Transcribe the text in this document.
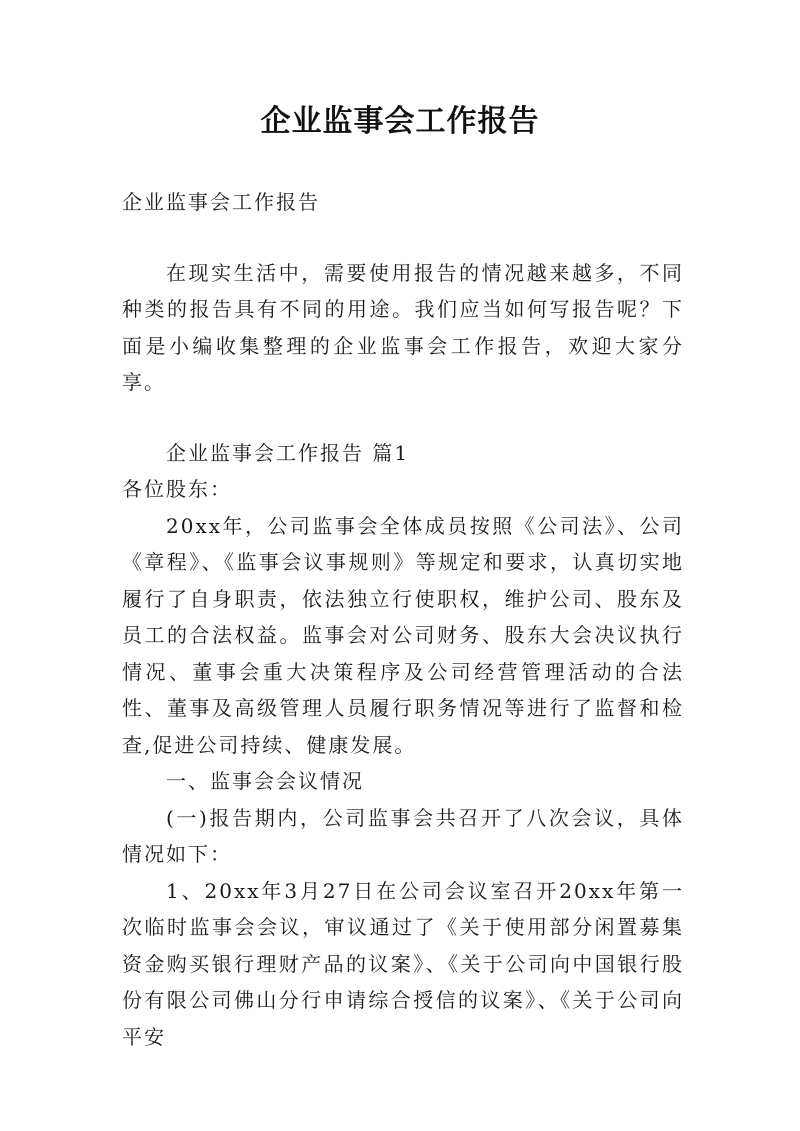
企业监事会工作报告

企业监事会工作报告

在现实生活中，需要使用报告的情况越来越多，不同种类的报告具有不同的用途。我们应当如何写报告呢？下面是小编收集整理的企业监事会工作报告，欢迎大家分享。

企业监事会工作报告 篇1

各位股东：

20xx年，公司监事会全体成员按照《公司法》、公司《章程》、《监事会议事规则》等规定和要求，认真切实地履行了自身职责，依法独立行使职权，维护公司、股东及员工的合法权益。监事会对公司财务、股东大会决议执行情况、董事会重大决策程序及公司经营管理活动的合法性、董事及高级管理人员履行职务情况等进行了监督和检查,促进公司持续、健康发展。

一、监事会会议情况

(一)报告期内，公司监事会共召开了八次会议，具体情况如下：

1、20xx年3月27日在公司会议室召开20xx年第一次临时监事会会议，审议通过了《关于使用部分闲置募集资金购买银行理财产品的议案》、《关于公司向中国银行股份有限公司佛山分行申请综合授信的议案》、《关于公司向平安
